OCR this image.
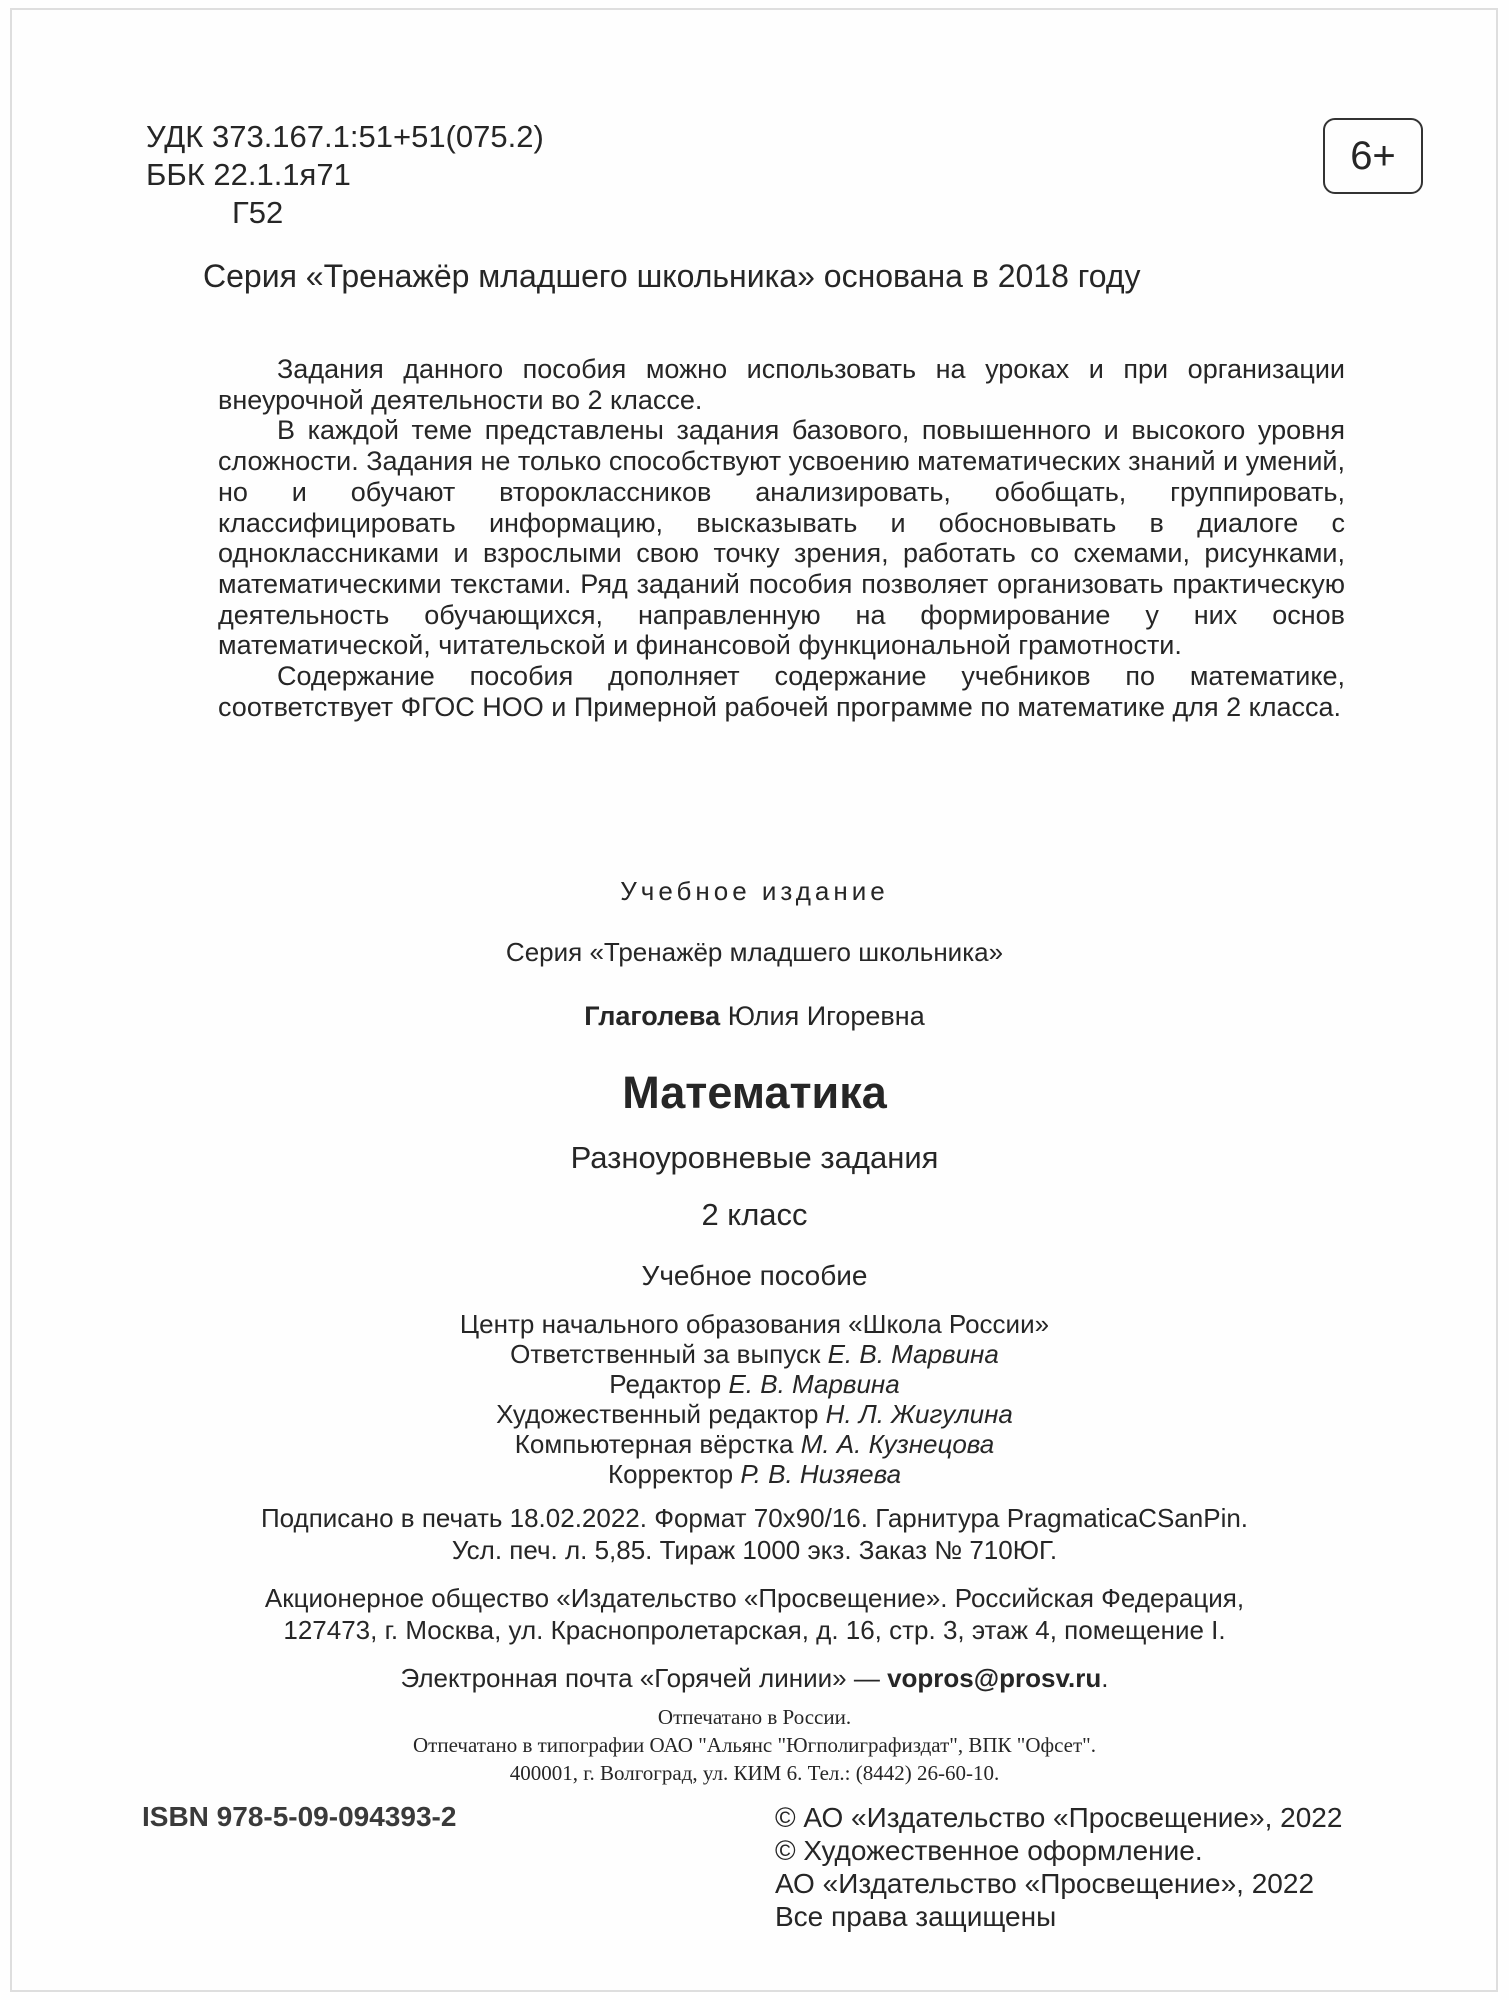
УДК 373.167.1:51+51(075.2)
ББК 22.1.1я71
Г52
6+
Серия «Тренажёр младшего школьника» основана в 2018 году

Задания данного пособия можно использовать на уроках и при организации внеурочной деятельности во 2 классе.

В каждой теме представлены задания базового, повышенного и высокого уровня сложности. Задания не только способствуют усвоению математических знаний и умений, но и обучают второклассников анализировать, обобщать, группировать, классифицировать информацию, высказывать и обосновывать в диалоге с одноклассниками и взрослыми свою точку зрения, работать со схемами, рисунками, математическими текстами. Ряд заданий пособия позволяет организовать практическую деятельность обучающихся, направленную на формирование у них основ математической, читательской и финансовой функциональной грамотности.

Содержание пособия дополняет содержание учебников по математике, соответствует ФГОС НОО и Примерной рабочей программе по математике для 2 класса.

Учебное издание
Серия «Тренажёр младшего школьника»
Глаголева Юлия Игоревна
Математика
Разноуровневые задания
2 класс
Учебное пособие
Центр начального образования «Школа России»
Ответственный за выпуск Е. В. Марвина
Редактор Е. В. Марвина
Художественный редактор Н. Л. Жигулина
Компьютерная вёрстка М. А. Кузнецова
Корректор Р. В. Низяева
Подписано в печать 18.02.2022. Формат 70x90/16. Гарнитура PragmaticaCSanPin.
Усл. печ. л. 5,85. Тираж 1000 экз. Заказ № 710ЮГ.
Акционерное общество «Издательство «Просвещение». Российская Федерация,
127473, г. Москва, ул. Краснопролетарская, д. 16, стр. 3, этаж 4, помещение I.
Электронная почта «Горячей линии» — vopros@prosv.ru.
Отпечатано в России.
Отпечатано в типографии ОАО "Альянс "Югполиграфиздат", ВПК "Офсет".
400001, г. Волгоград, ул. КИМ 6. Тел.: (8442) 26-60-10.
ISBN 978-5-09-094393-2	© АО «Издательство «Просвещение», 2022
© Художественное оформление.
АО «Издательство «Просвещение», 2022
Все права защищены
